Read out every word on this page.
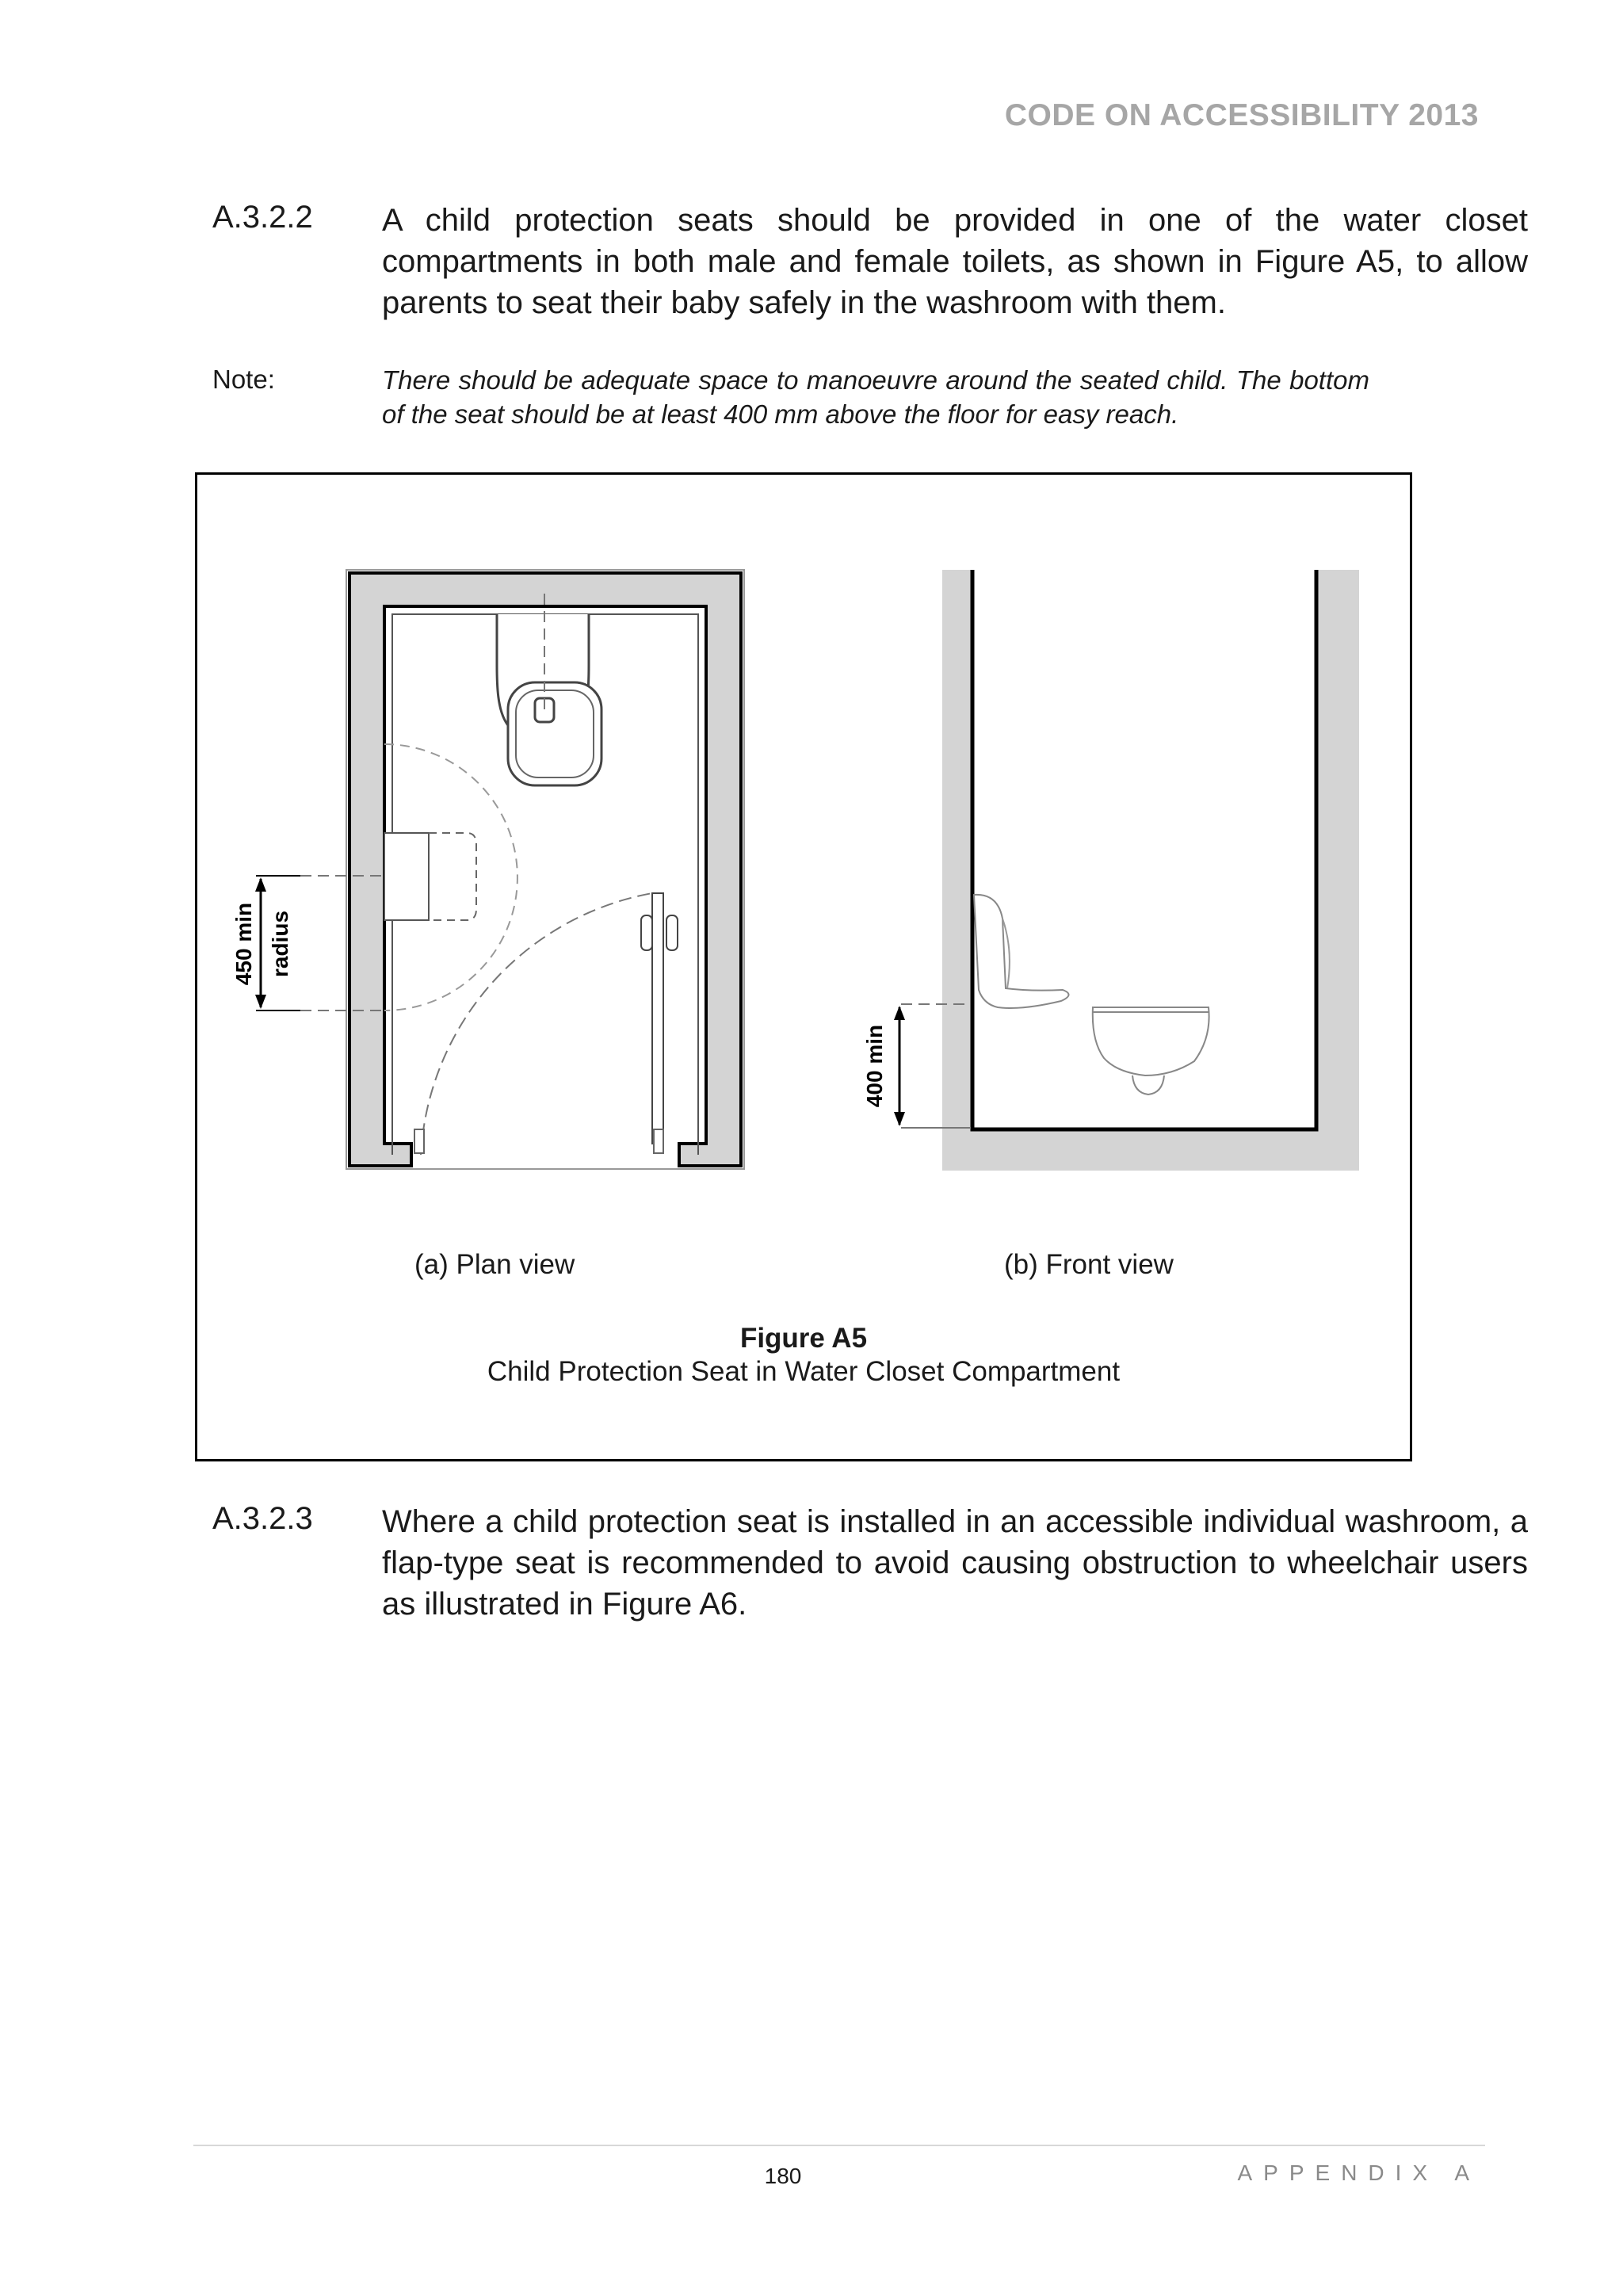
CODE ON ACCESSIBILITY 2013
A.3.2.2 A child protection seats should be provided in one of the water closet compartments in both male and female toilets, as shown in Figure A5, to allow parents to seat their baby safely in the washroom with them.
Note:	There should be adequate space to manoeuvre around the seated child. The bottom of the seat should be at least 400 mm above the floor for easy reach.
450 min radius
400 min
(a) Plan view	(b) Front view
Figure A5
Child Protection Seat in Water Closet Compartment
A.3.2.3 Where a child protection seat is installed in an accessible individual washroom, a flap-type seat is recommended to avoid causing obstruction to wheelchair users as illustrated in Figure A6.
180	APPENDIX A
